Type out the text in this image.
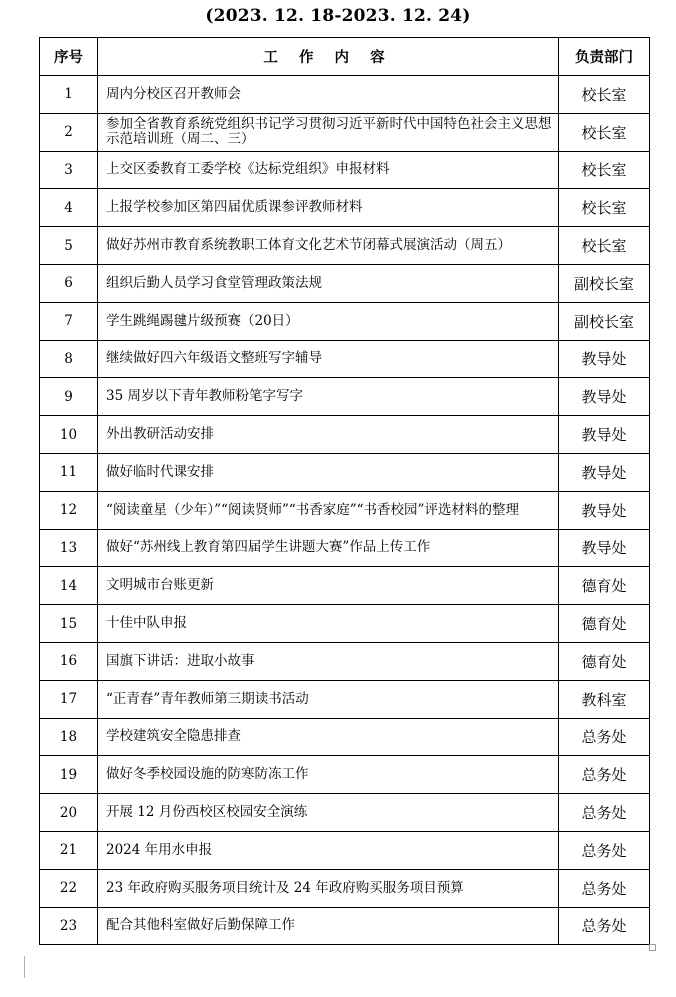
(2023. 12. 18-2023. 12. 24)
序号	工 作 内 容	负责部门
1	周内分校区召开教师会	校长室
2	参加全省教育系统党组织书记学习贯彻习近平新时代中国特色社会主义思想示范培训班（周二、三）	校长室
3	上交区委教育工委学校《达标党组织》申报材料	校长室
4	上报学校参加区第四届优质课参评教师材料	校长室
5	做好苏州市教育系统教职工体育文化艺术节闭幕式展演活动（周五）	校长室
6	组织后勤人员学习食堂管理政策法规	副校长室
7	学生跳绳踢毽片级预赛（20日）	副校长室
8	继续做好四六年级语文整班写字辅导	教导处
9	35 周岁以下青年教师粉笔字写字	教导处
10	外出教研活动安排	教导处
11	做好临时代课安排	教导处
12	“阅读童星（少年）”“阅读贤师”“书香家庭”“书香校园”评选材料的整理	教导处
13	做好“苏州线上教育第四届学生讲题大赛”作品上传工作	教导处
14	文明城市台账更新	德育处
15	十佳中队申报	德育处
16	国旗下讲话：进取小故事	德育处
17	“正青春”青年教师第三期读书活动	教科室
18	学校建筑安全隐患排查	总务处
19	做好冬季校园设施的防寒防冻工作	总务处
20	开展 12 月份西校区校园安全演练	总务处
21	2024 年用水申报	总务处
22	23 年政府购买服务项目统计及 24 年政府购买服务项目预算	总务处
23	配合其他科室做好后勤保障工作	总务处
